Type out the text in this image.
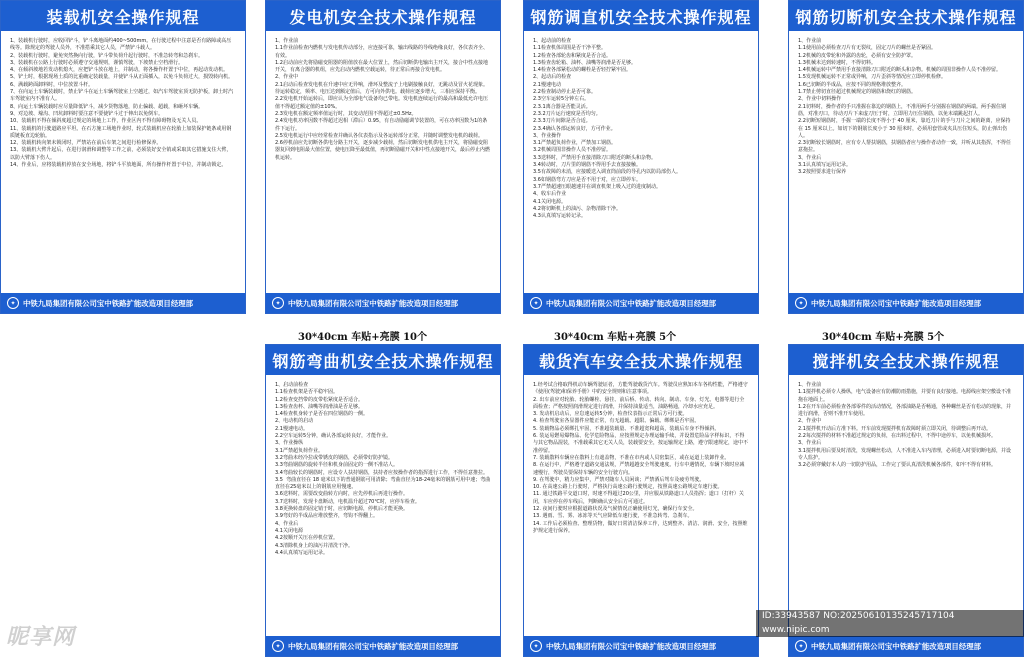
装载机安全操作规程

1、装载机行驶时，应收回铲斗，铲斗离地面约400~500mm。在行驶过程中注意是否有路障或高压线等。除规定的驾驶人员外，不准搭乘其它人员，严禁铲斗载人。

2、装载机行驶时，避免突然换向行驶，铲斗带负荷升起行驶时，不准急转弯和急刹车。

3、装载机在公路上行驶时必须遵守交通规则，谨慎驾驶，下坡禁止空档滑行。

4、在倾斜坡地若发动机熄火，应把铲斗放在地上，并制动，将各操作杆置于中位，再起动发动机。

5、铲土时，根据现场土质的比重确定装载量，并使铲斗从正面插入，以免斗负荷过大，损毁转向机。

6、满载跨面卸料时，中位放置斗杆。

7、在向运土车辆装载时，禁止铲斗在运土车辆驾驶室上空越过，如汽车驾驶室顶无防护板，卸土时汽车驾驶室内不准有人。

8、向运土车辆装载时应尽量降低铲斗，减少货物落地，防止偏载、超载，和砸坏车辆。

9、对边坡、壕沟、凹坑卸料时要注意不要使铲斗过于伸出以免倒车。

10、装载机不得在倾斜度超过规定的场地上工作，作业区内不得有障碍物及无关人员。

11、装载机的行驶道路应平坦。在石方施工场地作业时，轮式装载机应在轮胎上加装保护链条或用钢质链板直边轮胎。

12、装载机转向架未锁闭时，严禁站在前后车架之间进行检修保养。

13、装载机大臂升起后，在进行润滑和调整等工作之前，必须装好安全销或采取其它措施支住大臂，以防大臂落下伤人。

14、作业后，应将装载机停放在安全场地，将铲斗平放地面，所有操作杆置于中位，并制动锁定。

✦	中铁九局集团有限公司宝中铁路扩能改造项目经理部
发电机安全技术操作规程

1、作业前

1.1作业前检查内燃机与发电机传动部分，应连接可靠，输出线路的导线绝缘良好，各仪表齐全、有效。

1.2启动前应先将励磁变阻器的阻值放在最大位置上，然后切断供电输出主开关，接合中性点接地开关，有离合器的机组，应先启动内燃机空载运转，待正常后再接合发电机。

2、作业中

2.1启动后检查发电机在升速中应无异响，滑环及整流子上电刷接触良好，无跳动及冒火花现象。待运转稳定，频率、电压达到额定值后，方可向外供电。载荷应逐步增大，三相应保持平衡。

2.2发电机开始运转后，即应认为全部电气设备均已带电。发电机连续运行的最高和最低允许电压值不得超过额定值的±10%。

2.3发电机在额定频率值运行时，其变动范围不得超过±0.5Hz。

2.4发电机功率因数不得超过迟相（滞后）0.95，有自动励磁调节装置的，可在功率因数为1的条件下运行。

2.5发电机运行中应经常检查并确认各仪表指示及各运转部分正常，并随时调整发电机的载荷。

2.6停机前应先切断各供电分路主开关，逐步减少载荷，然后切断发电机供电主开关，将励磁变阻器复回到电阻最大值位置，使电压降至最低值，再切断励磁开关和中性点接地开关，最后停止内燃机运转。

✦	中铁九局集团有限公司宝中铁路扩能改造项目经理部
钢筋调直机安全技术操作规程

1、起动前的检查

1.1检查机体周围是否干净平整。

1.2检查各部轮齿和紧度是否合适。

1.3检查齿轮箱、油杯、油嘴等润滑是否足够。

1.4检查各部紧松动的螺栓是否轻拧紧牢固。

2、起动后的检查

2.1慢速电动

2.2检查制动停止是否可靠。

2.3空车运转5分钟左右。

2.3.1离合器是否能灵活。

2.3.2刀片运行速度是否均匀。

2.3.3刀片间隙是否合适。

2.3.4确认各部运转良好，方可作业。

3、作业操作

3.1严禁超负荷作业，严禁加工钢筋。

3.2机械周围非操作人员不准停留。

3.3送料时，严禁用手直接清除刀口附近的断头和杂物。

3.4转动时，刀片里的钢筋不得用手去直接接触。

3.5有故障的未消，应接暖送入调直筒前段的导孔内以防局部伤人。

3.6如钢筋弯方刀应是否不用于对，应立即停车。

3.7严禁超速压眼越速并在调直机架上吸入过的进度制动。

4、收车后作业

4.1关闭电源。

4.2将切断机上的油污、杂物清除干净。

4.3认真填写运转记录。

✦	中铁九局集团有限公司宝中铁路扩能改造项目经理部
钢筋切断机安全技术操作规程

1、作业前

1.1使用前必须检查刀片有无裂纹，固定刀片的螺丝是否紧固。

1.2机械的皮带轮和外露的齿轮，必须有安全防护罩。

1.3机械未达到转速时，不得切料。

1.4机械运转中严禁用手直接清除刀口附近的断头和杂物。机械的周围非操作人员不准停留。

1.5发现机械运转不正常或异响，刀片歪斜等情况应立即停机检修。

1.6已切断的半成品，应按不同的规格堆放整齐。

1.7禁止剪切直径超过机械规定的钢筋和烧红的钢筋。

2、作业中切料操作

2.1切料时，操作者的手只准握在靠边的钢筋上，不准用两手分别握在钢筋的两端。两手握住钢筋，对准刃口，待动刃片下来虚刀压于时，立即用力压住钢筋，以免末端跳起打人。

2.2切断短钢筋时，手握一端的长度不得小于 40 厘米，靠近刀片的手与刀片之间的距离，应保持在 15 厘米以上。如切下的钢筋长度小于 30 厘米时，必须用套管或夹具压住短头，防止弹出伤人。

2.3切断较长钢筋时，应有专人帮扶钢筋，扶钢筋者应与操作者动作一致，并听从其指挥，不得任意拖拉。

3、作业后

3.1认真填写运用记录。

3.2按照要求进行保养

✦	中铁九局集团有限公司宝中铁路扩能改造项目经理部
30*40cm 车贴+亮膜 10个	30*40cm 车贴+亮膜 5个	30*40cm 车贴+亮膜 5个
钢筋弯曲机安全技术操作规程

1、启动前检查

1.1检查机架是否平稳牢固。

1.2检查变挡带的皮带松紧度是否适合。

1.3检查齿杯、油嘴等润滑油是否足够。

1.4检查机身转子是否在四位钢筋的一侧。

2、电动机的启动

2.1慢速电动。

2.2空车运转5分钟，确认各部运转良好，才能作业。

3、作业操纵

3.1严禁超负荷作业。

3.2弯曲未经冷拉或带锈皮的钢筋，必须带好防护镜。

3.3弯曲钢筋的旋转半径和机身前固定的一侧不准站人。

3.4弯曲较长的钢筋时，应设专人扶持钢筋，扶持者应按操作者的指挥进行工作，不得任意推拉。

3.5  弯曲直径在 18 毫米以下的普通钢筋可用清除；弯曲直径为18-24毫米的钢筋可用中速；弯曲直径在25毫米以上的钢筋应用慢速。

3.6送料时，需要改变曲转方向时，应先停机后再进行操作。

3.7送料时，发现卡盘断动，电机温升超过70℃时，应停车检查。

3.8更换转盘的固定销于时，应切断电源，停机后才能更换。

3.9弯好的半成品应堆放整齐，弯钩不得翻上。

4、作业后

4.1关闭电源

4.2按顺开关压在停机位置。

4.3清除机身上的油污并清洗干净。

4.4认真填写运用记录。

✦	中铁九局集团有限公司宝中铁路扩能改造项目经理部
载货汽车安全技术操作规程

1.经考试合格取得机动车辆驾驶证者，方能驾驶载货汽车。驾驶员应熟知本车各构性能，严格遵守《使用(驾驶)和保养手册》中的安全规则和注意事项。

2. 出车前应对轮胎、轮胎螺栓、悬挂、前后桥、传动、转向、制动、车身、灯光、电器等进行全面检查；严格按照润滑规定进行润滑，并保持油量适当，油路畅通，冷却水应充足。

3. 发动机启动后，应怠速运转5分钟，检查仪表指示正常后方可行驶。

4. 检查驾驶室各显器件应能正常，有无超载、超限、偏载、绑绑是否牢固。

5. 装载物品必须绑扎牢固，不准超装载量、不准超宽和超高，装载后车身不得倾斜。

6. 装运易燃易爆物品、化学危险物品，应按照规定办理运输手续，并设置危险品字样标识，不得与其它物品混装，不准载乘其它无关人员，装载要安全，按运输规定上路，遵守限速规定，途中不准停留。

7. 装载散料车辆应在散料上有遮盖物，不准在市内或人员密集区，或在运道上装卸作业。

8. 在运行中，严格遵守道路交通法规，严禁超越安全驾驶速度。行车中遇情况，车辆下坡时应减速慢行，驾驶员要保持车辆的安全行驶方向。

9. 在驾驶中，精力应集中，严禁对随车人员闲谈；严禁酒后驾车及疲劳驾驶。

10. 在高速公路上行驶时，严格执行高速公路行驶规定，按照高速公路规定车速行驶。

11. 通过铁路平交道口时，时速不得超过20公里，并应服从铁路道口人员指挥；道口（打杆）关闭，车应停在停车线后，判断确认安全后方可通过。

12. 夜间行驶时应根据道路状况及气候情况正确使用灯光，确保行车安全。

13. 遇雨、雪、雾、冰冻等天气应降低车速行驶，不准急转弯、急刹车。

14. 工作后必须检查、整理货物，做好日常清洁保养工作，达到整齐、清洁、润滑、安全，按照维护规定进行保养。

✦	中铁九局集团有限公司宝中铁路扩能改造项目经理部
搅拌机安全技术操作规程

1、作业前

1.1搅拌机必须专人操纵，电气设备应有防潮防雨措施，并要有良好接地。电源线应架空敷设不准拖在地面上。

1.2在开车前必须检查各部零件的活动情况，各部油路是否畅通，各种螺丝是否有松动的现象，并进行润滑，否则不准开车使用。

2、作业中

2.1搅拌机开动后方准下料。开车前发现搅拌机有故障时须立即关闭，待调整后再开动。

2.2每次搅拌的材料不准超过规定的负荷，在出料过程中，不得中途停车，以免机械损坏。

3、作业后

3.1搅拌机用后要及时清洗，发现螺丝松动，人不准进入车内清理，必须进入时要切断电源，并设专人监护。

3.2必须穿戴好本人的一切防护用品，工作完了要认真清洗机械各部件，如牢不得有材料。

✦	中铁九局集团有限公司宝中铁路扩能改造项目经理部
昵享网
ID:33943587 NO:20250610135245717104
www.nipic.com
